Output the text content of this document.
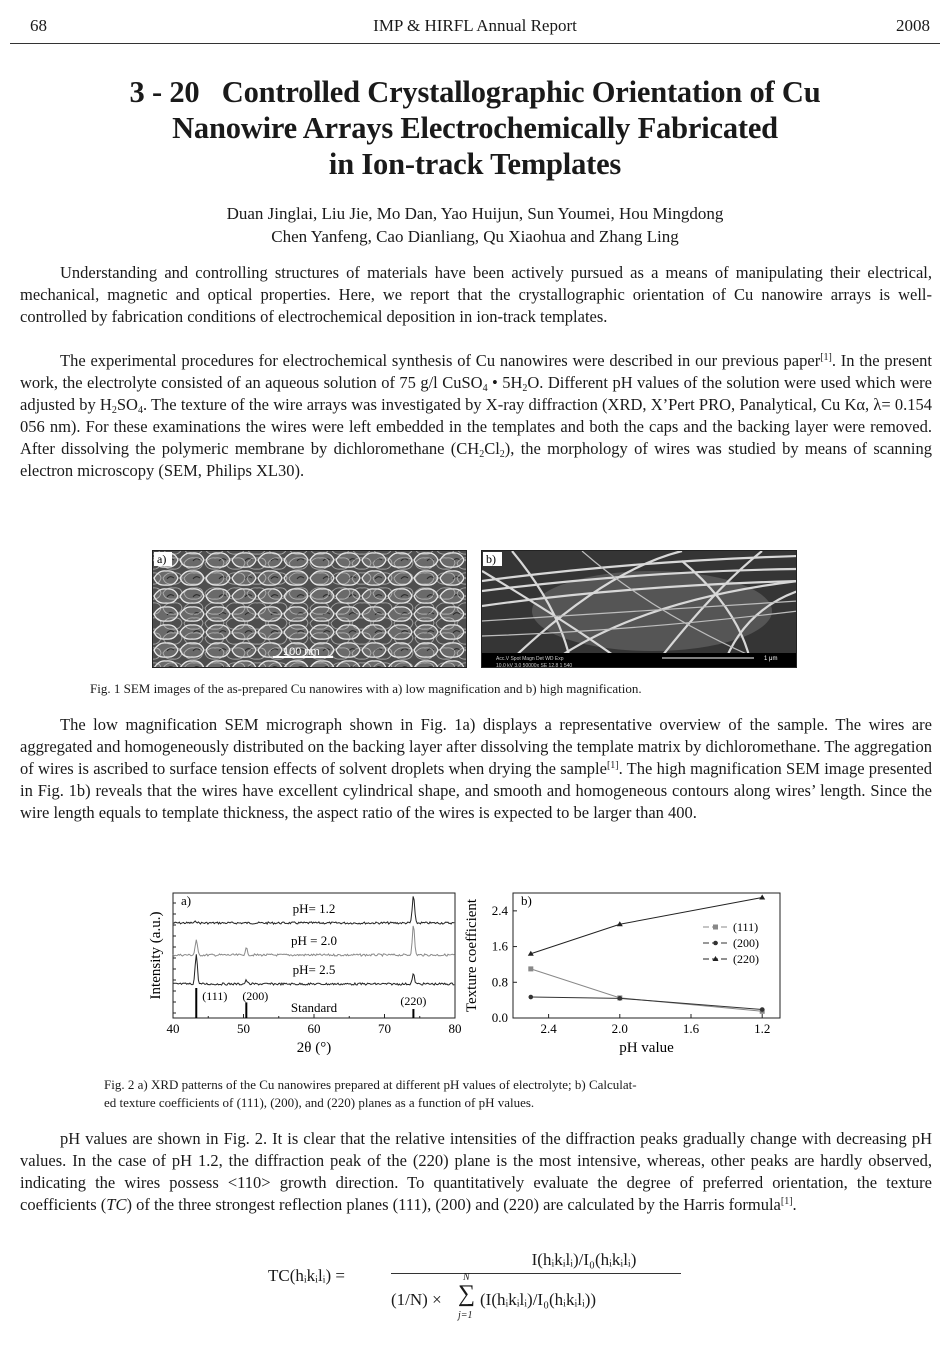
68	IMP & HIRFL Annual Report	2008
3 - 20   Controlled Crystallographic Orientation of Cu
Nanowire Arrays Electrochemically Fabricated
in Ion-track Templates
Duan Jinglai, Liu Jie, Mo Dan, Yao Huijun, Sun Youmei, Hou Mingdong
Chen Yanfeng, Cao Dianliang, Qu Xiaohua and Zhang Ling
Understanding and controlling structures of materials have been actively pursued as a means of manipulating their electrical, mechanical, magnetic and optical properties. Here, we report that the crystallographic orientation of Cu nanowire arrays is well-controlled by fabrication conditions of electrochemical deposition in ion-track templates.
The experimental procedures for electrochemical synthesis of Cu nanowires were described in our previous paper[1]. In the present work, the electrolyte consisted of an aqueous solution of 75 g/l CuSO$_4$ • $5H_2O$. Different pH values of the solution were used which were adjusted by $H_2SO_4$. The texture of the wire arrays was investigated by X-ray diffraction (XRD, X’Pert PRO, Panalytical, Cu Kα, λ= 0.154 056 nm). For these examinations the wires were left embedded in the templates and both the caps and the backing layer were removed. After dissolving the polymeric membrane by dichloromethane $(CH_2Cl_2)$, the morphology of wires was studied by means of scanning electron microscopy (SEM, Philips XL30).
100 nm
a)
Acc.V Spot Magn Det WD Exp
10.0 kV 3.0 50000x SE 12.8 1 540
1 μm
b)
Fig. 1 SEM images of the as-prepared Cu nanowires with a) low magnification and b) high magnification.
The low magnification SEM micrograph shown in Fig. 1a) displays a representative overview of the sample. The wires are aggregated and homogeneously distributed on the backing layer after dissolving the template matrix by dichloromethane. The aggregation of wires is ascribed to surface tension effects of solvent droplets when drying the sample[1]. The high magnification SEM image presented in Fig. 1b) reveals that the wires have excellent cylindrical shape, and smooth and homogeneous contours along wires’ length. Since the wire length equals to template thickness, the aspect ratio of the wires is expected to be larger than 400.
40	50	60	70	80
2θ (°)
Intensity (a.u.)
a)
pH= 1.2
pH = 2.0
pH= 2.5
(111) (200)	(220)
Standard
2.4	2.0	1.6	1.2
0.0
0.8
1.6
2.4
pH value
Texture coefficient	b)
(111)
(200)
(220)
Fig. 2 a) XRD patterns of the Cu nanowires prepared at different pH values of electrolyte; b) Calculat-
ed texture coefficients of (111), (200), and (220) planes as a function of pH values.
pH values are shown in Fig. 2. It is clear that the relative intensities of the diffraction peaks gradually change with decreasing pH values. In the case of pH 1.2, the diffraction peak of the (220) plane is the most intensive, whereas, other peaks are hardly observed, indicating the wires possess <110> growth direction. To quantitatively evaluate the degree of preferred orientation, the texture coefficients (TC) of the three strongest reflection planes (111), (200) and (220) are calculated by the Harris formula[1].
TC(hᵢkᵢlᵢ) =
I(hᵢkᵢlᵢ)/I₀(hᵢkᵢlᵢ)
(1/N) ×
N
∑
j=1
(I(hᵢkᵢlᵢ)/I₀(hᵢkᵢlᵢ))
